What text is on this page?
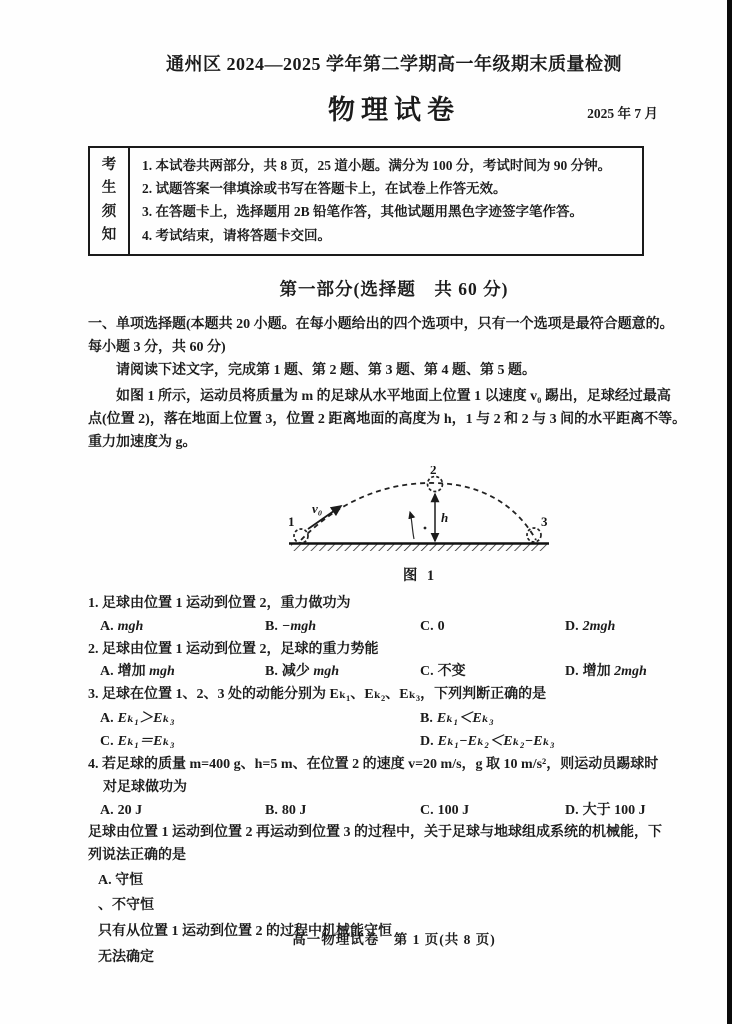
通州区 2024—2025 学年第二学期高一年级期末质量检测
物理试卷	2025 年 7 月
考生须知
1. 本试卷共两部分，共 8 页，25 道小题。满分为 100 分，考试时间为 90 分钟。
2. 试题答案一律填涂或书写在答题卡上，在试卷上作答无效。
3. 在答题卡上，选择题用 2B 铅笔作答，其他试题用黑色字迹签字笔作答。
4. 考试结束，请将答题卡交回。
第一部分(选择题　共 60 分)
一、单项选择题(本题共 20 小题。在每小题给出的四个选项中，只有一个选项是最符合题意的。
每小题 3 分，共 60 分)
请阅读下述文字，完成第 1 题、第 2 题、第 3 题、第 4 题、第 5 题。
如图 1 所示，运动员将质量为 m 的足球从水平地面上位置 1 以速度 v₀ 踢出，足球经过最高
点(位置 2)，落在地面上位置 3，位置 2 距离地面的高度为 h，1 与 2 和 2 与 3 间的水平距离不等。
重力加速度为 g。
1
2
3
v₀
h
图 1
1. 足球由位置 1 运动到位置 2，重力做功为
A. mgh	B. −mgh	C. 0	D. 2mgh
2. 足球由位置 1 运动到位置 2，足球的重力势能
A. 增加 mgh	B. 减少 mgh	C. 不变	D. 增加 2mgh
3. 足球在位置 1、2、3 处的动能分别为 Eₖ₁、Eₖ₂、Eₖ₃，下列判断正确的是
A. Eₖ₁＞Eₖ₃	B. Eₖ₁＜Eₖ₃
C. Eₖ₁＝Eₖ₃	D. Eₖ₁−Eₖ₂＜Eₖ₂−Eₖ₃
4. 若足球的质量 m=400 g、h=5 m、在位置 2 的速度 v=20 m/s，g 取 10 m/s²，则运动员踢球时
对足球做功为
A. 20 J	B. 80 J	C. 100 J	D. 大于 100 J
足球由位置 1 运动到位置 2 再运动到位置 3 的过程中，关于足球与地球组成系统的机械能，下
列说法正确的是
A. 守恒
、不守恒
只有从位置 1 运动到位置 2 的过程中机械能守恒
无法确定
高一物理试卷　第 1 页(共 8 页)
